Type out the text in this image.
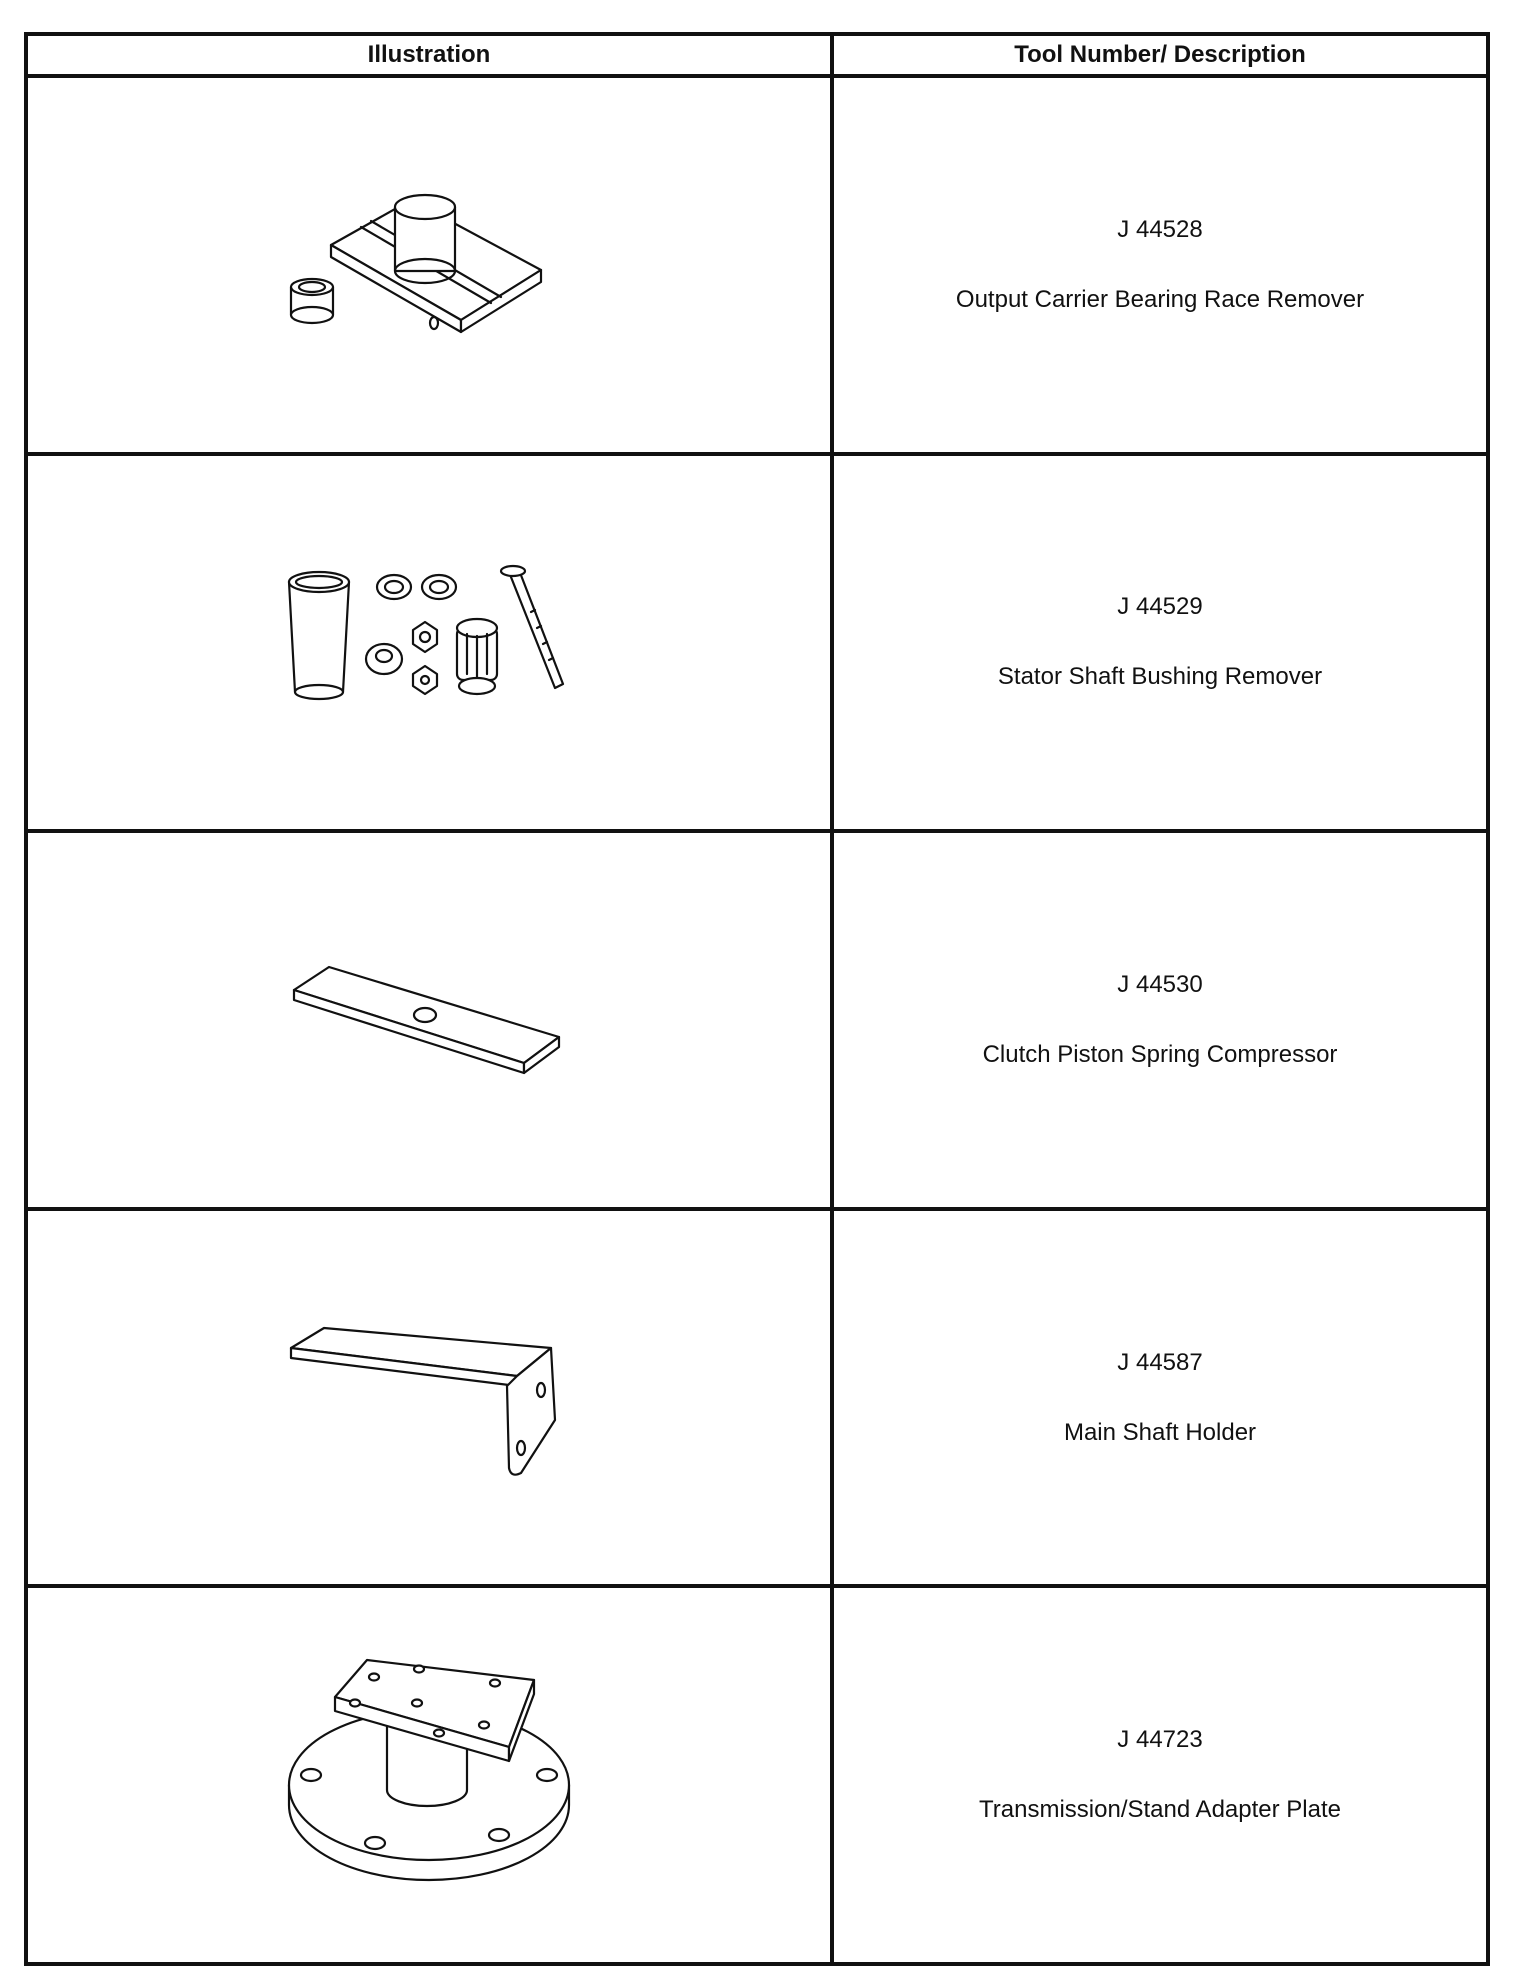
Illustration	Tool Number/ Description

J 44528
Output Carrier Bearing Race Remover

J 44529
Stator Shaft Bushing Remover

J 44530
Clutch Piston Spring Compressor

J 44587
Main Shaft Holder

J 44723
Transmission/Stand Adapter Plate
